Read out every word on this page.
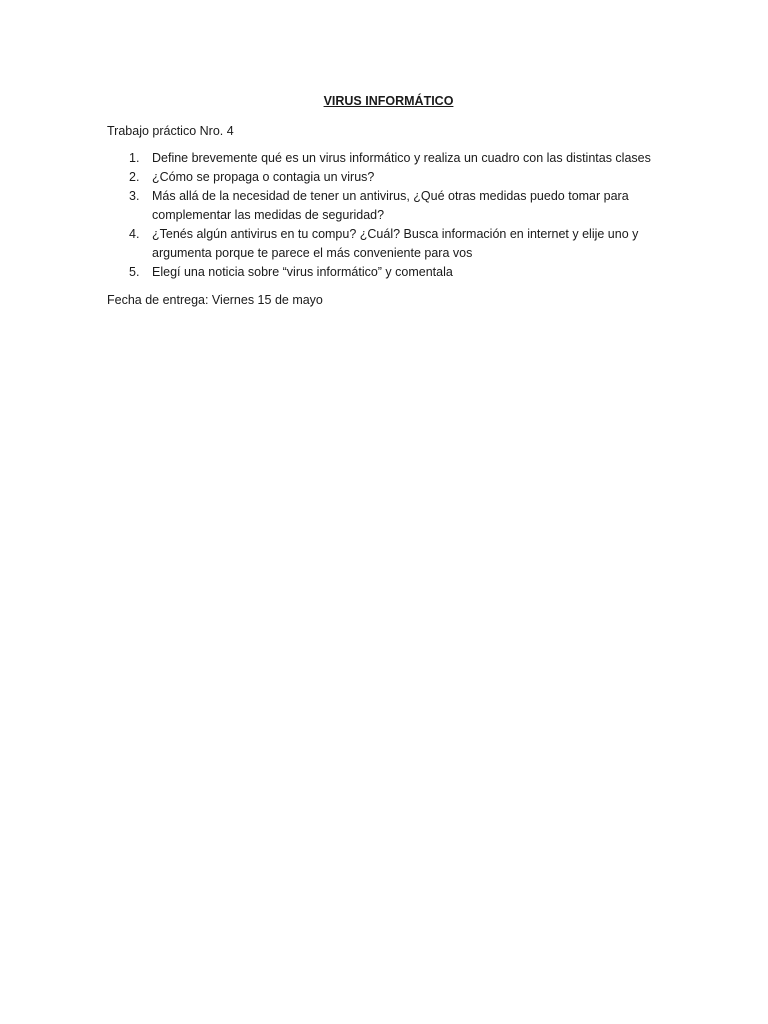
VIRUS INFORMÁTICO
Trabajo práctico Nro. 4
1.	Define brevemente qué es un virus informático y realiza un cuadro con las distintas clases
2.	¿Cómo se propaga o contagia un virus?
3.	Más allá de la necesidad de tener un antivirus, ¿Qué otras medidas puedo tomar para complementar las medidas de seguridad?
4.	¿Tenés algún antivirus en tu compu? ¿Cuál? Busca información en internet y elije uno y argumenta porque te parece el más conveniente para vos
5.	Elegí una noticia sobre “virus informático” y comentala
Fecha de entrega: Viernes 15 de mayo
